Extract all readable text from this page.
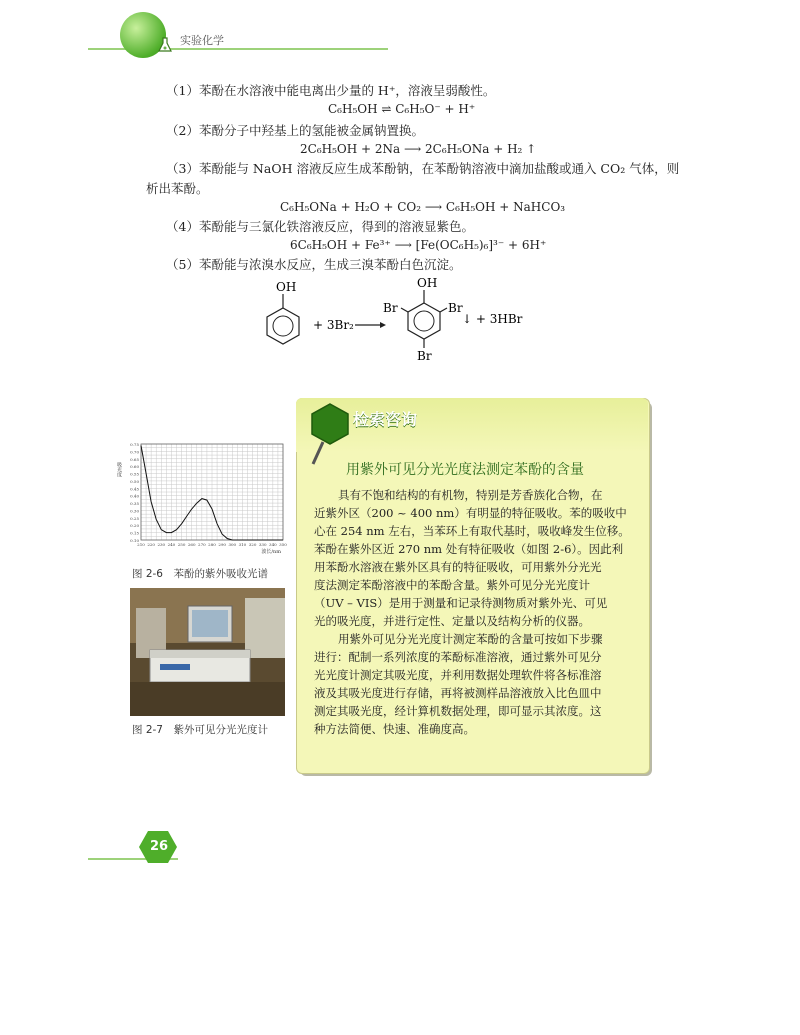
实验化学
（1）苯酚在水溶液中能电离出少量的 H⁺，溶液呈弱酸性。
C₆H₅OH ⇌ C₆H₅O⁻ + H⁺
（2）苯酚分子中羟基上的氢能被金属钠置换。
2C₆H₅OH + 2Na ⟶ 2C₆H₅ONa + H₂ ↑
（3）苯酚能与 NaOH 溶液反应生成苯酚钠，在苯酚钠溶液中滴加盐酸或通入 CO₂ 气体，则
析出苯酚。
C₆H₅ONa + H₂O + CO₂ ⟶ C₆H₅OH + NaHCO₃
（4）苯酚能与三氯化铁溶液反应，得到的溶液显紫色。
6C₆H₅OH + Fe³⁺ ⟶ [Fe(OC₆H₅)₆]³⁻ + 6H⁺
（5）苯酚能与浓溴水反应，生成三溴苯酚白色沉淀。
OH
+ 3Br₂
OH
Br	Br
Br
↓ + 3HBr
0.75
0.70
0.65
0.60
0.55
0.50
0.45
0.40
0.35
0.30
0.25
0.20
0.15
0.10
210 220 230 240 250 260 270 280 290 300 310 320 330 340 350
吸光度
波长/nm
图 2-6　苯酚的紫外吸收光谱
图 2-7　紫外可见分光光度计
检索咨询
用紫外可见分光光度法测定苯酚的含量
具有不饱和结构的有机物，特别是芳香族化合物，在
近紫外区（200 ~ 400 nm）有明显的特征吸收。苯的吸收中
心在 254 nm 左右，当苯环上有取代基时，吸收峰发生位移。
苯酚在紫外区近 270 nm 处有特征吸收（如图 2-6）。因此利
用苯酚水溶液在紫外区具有的特征吸收，可用紫外分光光
度法测定苯酚溶液中的苯酚含量。紫外可见分光光度计
（UV – VIS）是用于测量和记录待测物质对紫外光、可见
光的吸光度，并进行定性、定量以及结构分析的仪器。
用紫外可见分光光度计测定苯酚的含量可按如下步骤
进行：配制一系列浓度的苯酚标准溶液，通过紫外可见分
光光度计测定其吸光度，并利用数据处理软件将各标准溶
液及其吸光度进行存储，再将被测样品溶液放入比色皿中
测定其吸光度，经计算机数据处理，即可显示其浓度。这
种方法简便、快速、准确度高。
26
